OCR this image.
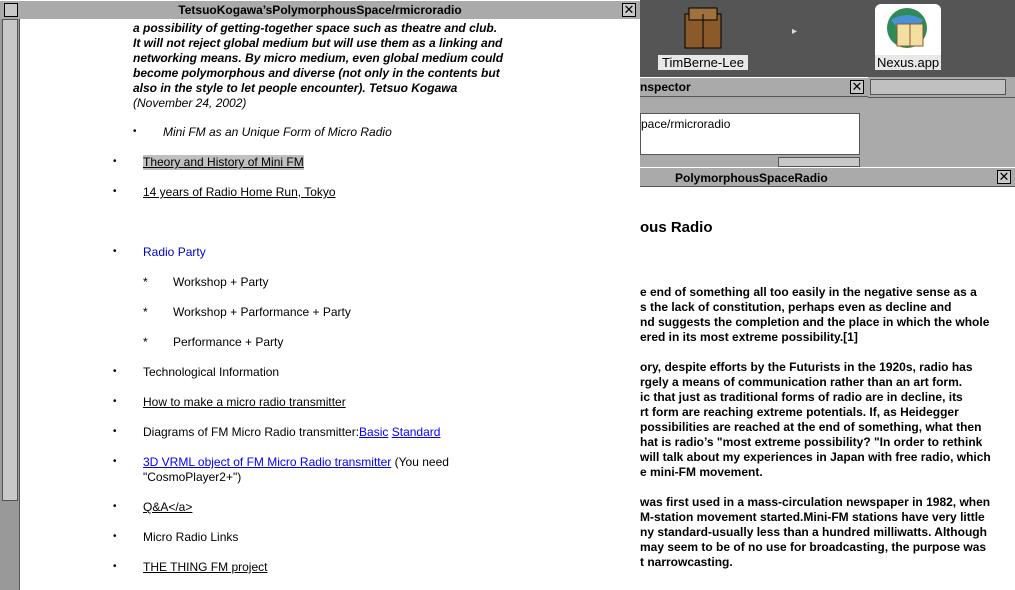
TimBerne-Lee
▸
Nexus.app
nspector	✕
pace/rmicroradio
PolymorphousSpaceRadio	✕
ous Radio
e end of something all too easily in the negative sense as a
s the lack of constitution, perhaps even as decline and
nd suggests the completion and the place in which the whole
ered in its most extreme possibility.[1]
ory, despite efforts by the Futurists in the 1920s, radio has
rgely a means of communication rather than an art form.
ic that just as traditional forms of radio are in decline, its
rt form are reaching extreme potentials. If, as Heidegger
possibilities are reached at the end of something, what then
hat is radio’s "most extreme possibility? "In order to rethink
will talk about my experiences in Japan with free radio, which
e mini-FM movement.
was first used in a mass-circulation newspaper in 1982, when
M-station movement started.Mini-FM stations have very little
ny standard-usually less than a hundred milliwatts. Although
may seem to be of no use for broadcasting, the purpose was
t narrowcasting.
TetsuoKogawa’sPolymorphousSpace/rmicroradio	✕
a possibility of getting-together space such as theatre and club.
It will not reject global medium but will use them as a linking and
networking means. By micro medium, even global medium could
become polymorphous and diverse (not only in the contents but
also in the style to let people encounter). Tetsuo Kogawa
(November 24, 2002)
• Mini FM as an Unique Form of Micro Radio
• Theory and History of Mini FM
• 14 years of Radio Home Run, Tokyo
• Radio Party
* Workshop + Party
* Workshop + Parformance + Party
* Performance + Party
• Technological Information
• How to make a micro radio transmitter
• Diagrams of FM Micro Radio transmitter:Basic Standard
• 3D VRML object of FM Micro Radio transmitter (You need
"CosmoPlayer2+")
• Q&A</a>
• Micro Radio Links
• THE THING FM project
